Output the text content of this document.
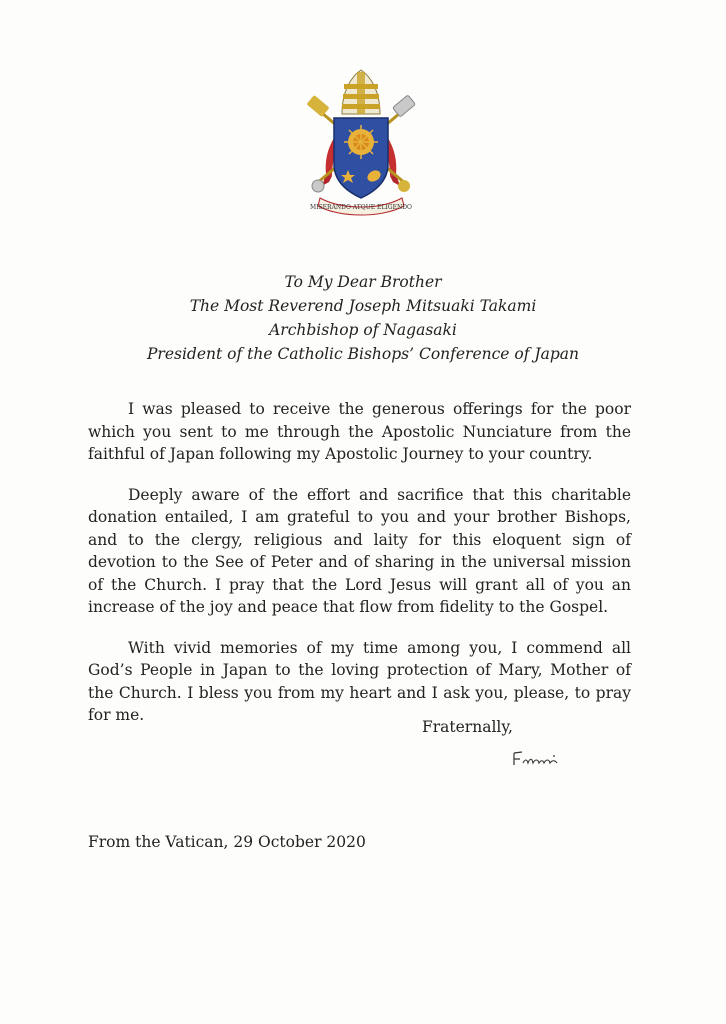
MISERANDO ATQUE ELIGENDO
To My Dear Brother
The Most Reverend Joseph Mitsuaki Takami
Archbishop of Nagasaki
President of the Catholic Bishops’ Conference of Japan

I was pleased to receive the generous offerings for the poor which you sent to me through the Apostolic Nunciature from the faithful of Japan following my Apostolic Journey to your country.

Deeply aware of the effort and sacrifice that this charitable donation entailed, I am grateful to you and your brother Bishops, and to the clergy, religious and laity for this eloquent sign of devotion to the See of Peter and of sharing in the universal mission of the Church. I pray that the Lord Jesus will grant all of you an increase of the joy and peace that flow from fidelity to the Gospel.

With vivid memories of my time among you, I commend all God’s People in Japan to the loving protection of Mary, Mother of the Church. I bless you from my heart and I ask you, please, to pray for me.

Fraternally,
From the Vatican, 29 October 2020
